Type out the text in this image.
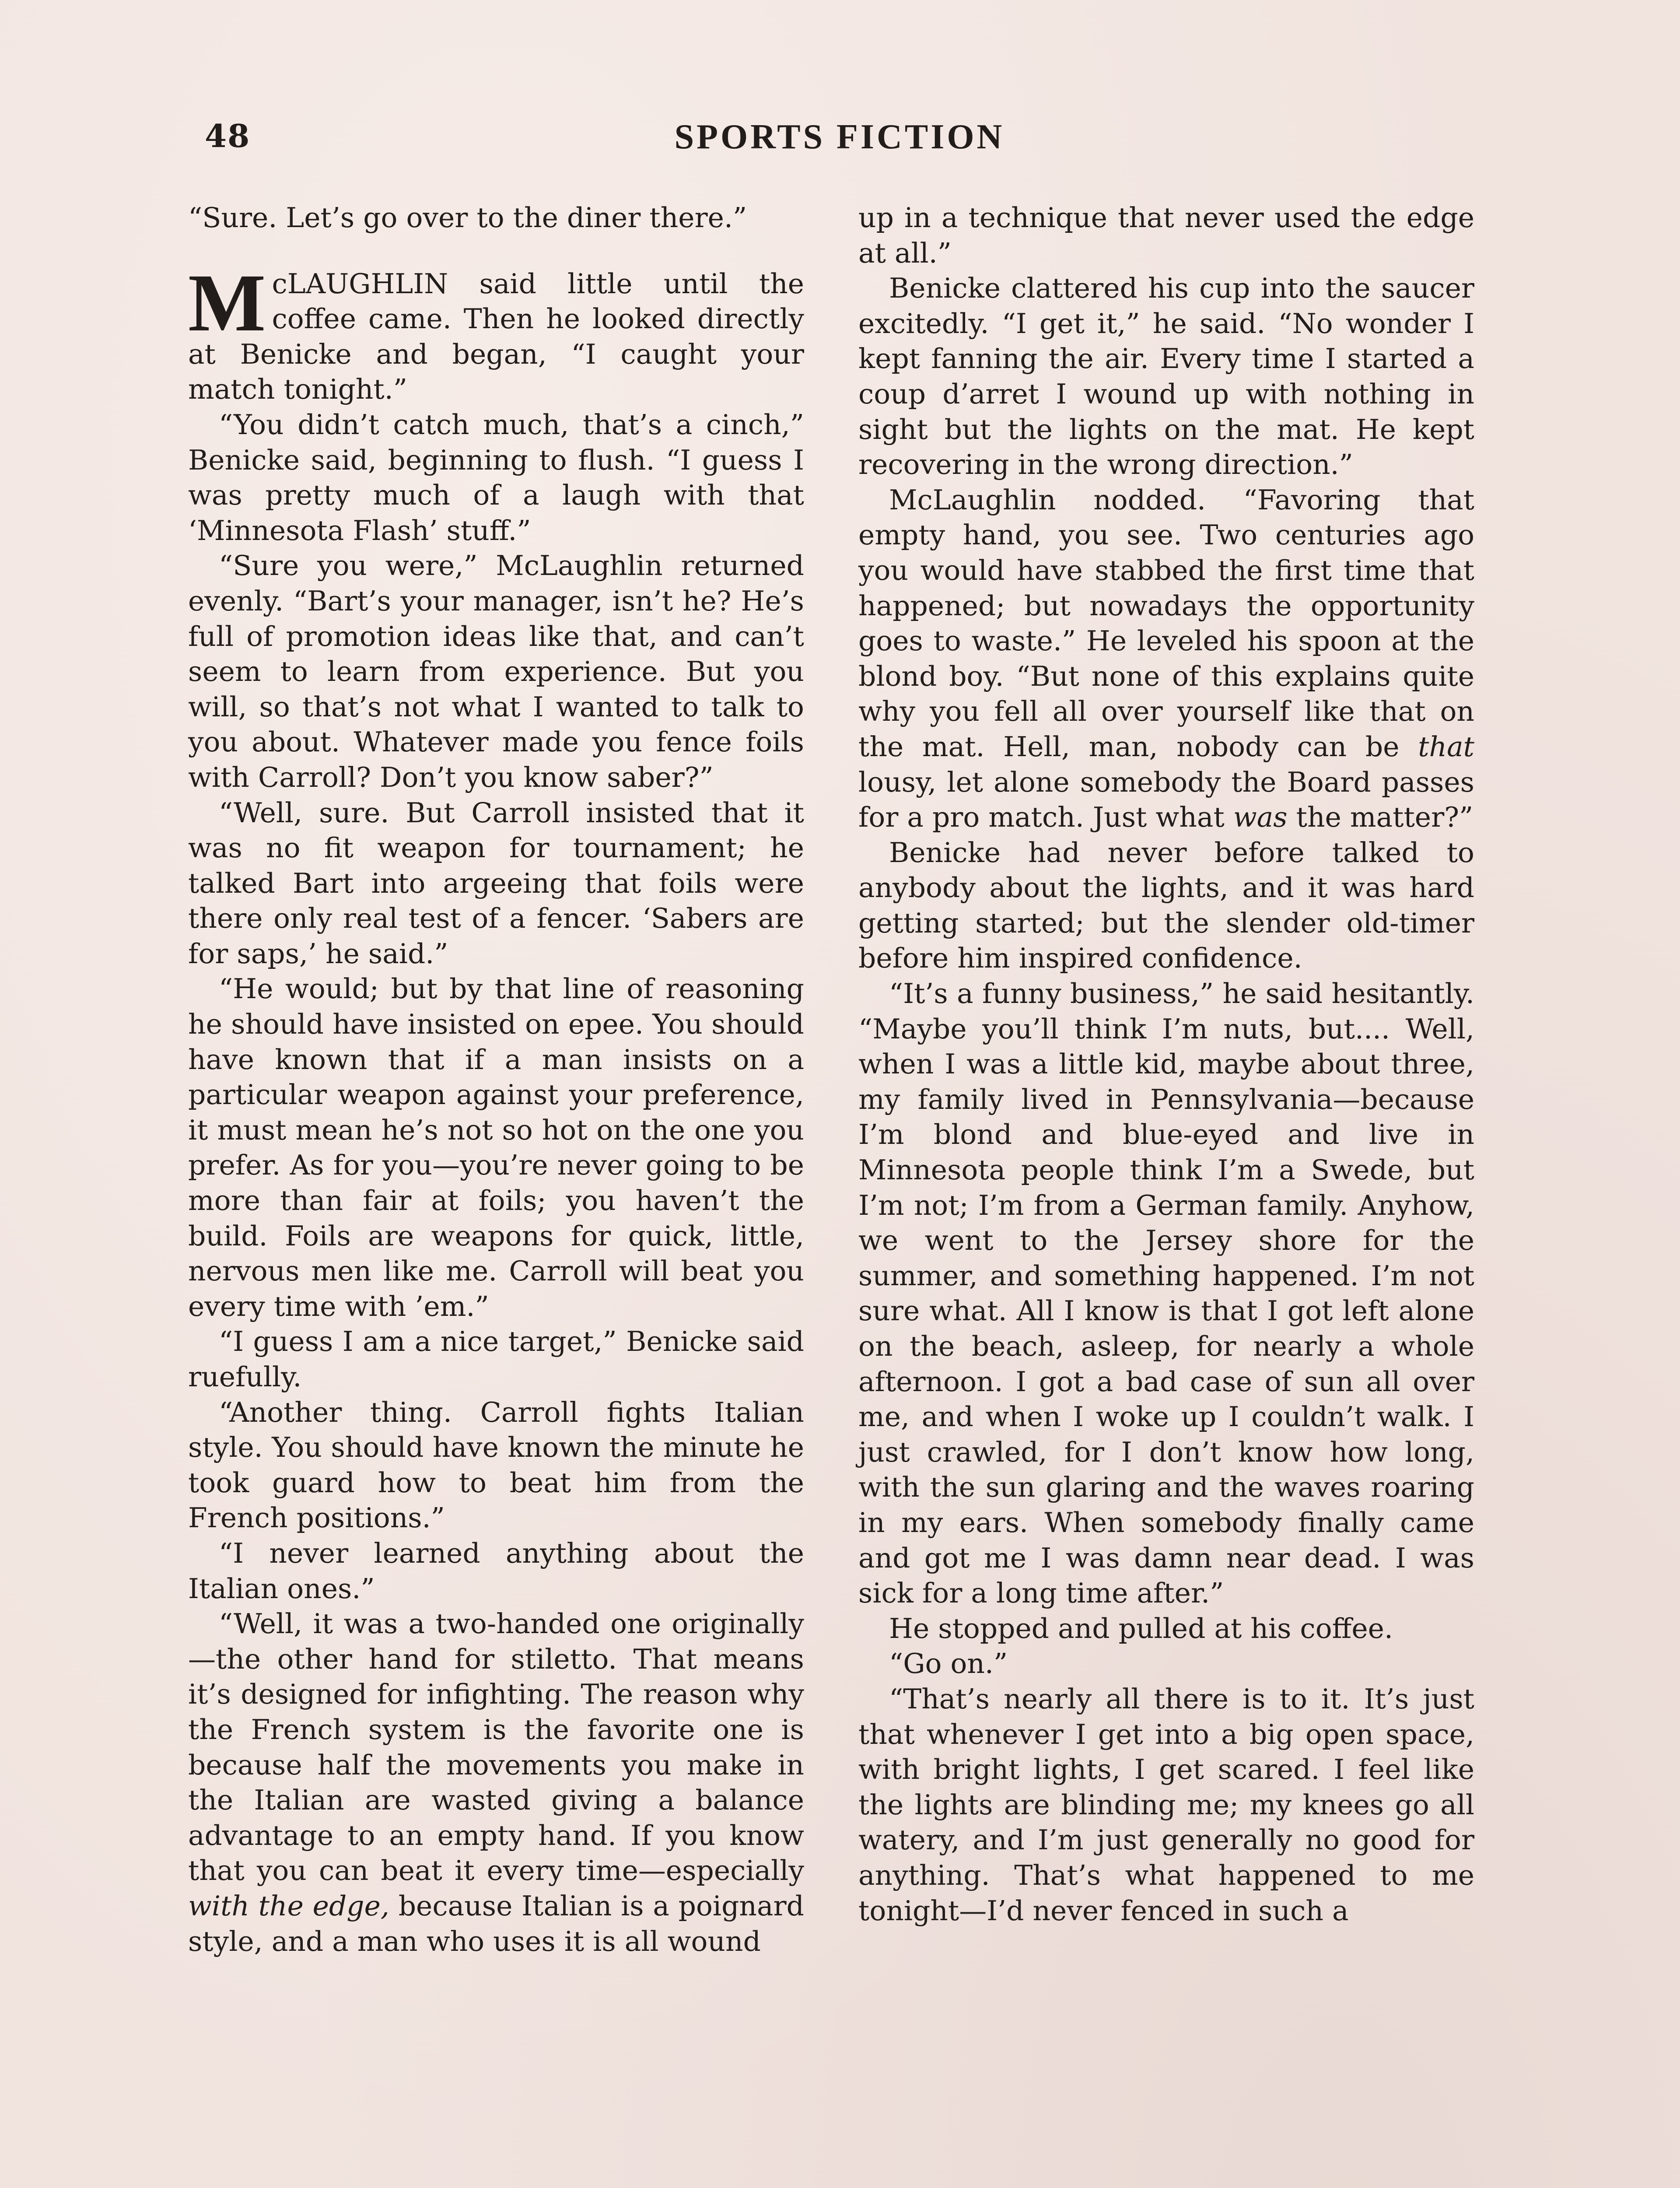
48	SPORTS FICTION

“Sure. Let’s go over to the diner there.”

McLAUGHLIN said little until the coffee came. Then he looked directly at Benicke and began, “I caught your match tonight.”

“You didn’t catch much, that’s a cinch,” Benicke said, beginning to flush. “I guess I was pretty much of a laugh with that ‘Minnesota Flash’ stuff.”

“Sure you were,” McLaughlin returned evenly. “Bart’s your manager, isn’t he? He’s full of promotion ideas like that, and can’t seem to learn from experience. But you will, so that’s not what I wanted to talk to you about. Whatever made you fence foils with Carroll? Don’t you know saber?”

“Well, sure. But Carroll insisted that it was no fit weapon for tournament; he talked Bart into argeeing that foils were there only real test of a fencer. ‘Sabers are for saps,’ he said.”

“He would; but by that line of reasoning he should have insisted on epee. You should have known that if a man insists on a particular weapon against your preference, it must mean he’s not so hot on the one you prefer. As for you—you’re never going to be more than fair at foils; you haven’t the build. Foils are weapons for quick, little, nervous men like me. Carroll will beat you every time with ’em.”

“I guess I am a nice target,” Benicke said ruefully.

“Another thing. Carroll fights Italian style. You should have known the minute he took guard how to beat him from the French positions.”

“I never learned anything about the Italian ones.”

“Well, it was a two-handed one originally—the other hand for stiletto. That means it’s designed for infighting. The reason why the French system is the favorite one is because half the movements you make in the Italian are wasted giving a balance advantage to an empty hand. If you know that you can beat it every time—especially with the edge, because Italian is a poignard style, and a man who uses it is all wound

up in a technique that never used the edge at all.”

Benicke clattered his cup into the saucer excitedly. “I get it,” he said. “No wonder I kept fanning the air. Every time I started a coup d’arret I wound up with nothing in sight but the lights on the mat. He kept recovering in the wrong direction.”

McLaughlin nodded. “Favoring that empty hand, you see. Two centuries ago you would have stabbed the first time that happened; but nowadays the opportunity goes to waste.” He leveled his spoon at the blond boy. “But none of this explains quite why you fell all over yourself like that on the mat. Hell, man, nobody can be that lousy, let alone somebody the Board passes for a pro match. Just what was the matter?”

Benicke had never before talked to anybody about the lights, and it was hard getting started; but the slender old-timer before him inspired confidence.

“It’s a funny business,” he said hesitantly. “Maybe you’ll think I’m nuts, but.... Well, when I was a little kid, maybe about three, my family lived in Pennsylvania—because I’m blond and blue-eyed and live in Minnesota people think I’m a Swede, but I’m not; I’m from a German family. Anyhow, we went to the Jersey shore for the summer, and something happened. I’m not sure what. All I know is that I got left alone on the beach, asleep, for nearly a whole afternoon. I got a bad case of sun all over me, and when I woke up I couldn’t walk. I just crawled, for I don’t know how long, with the sun glaring and the waves roaring in my ears. When somebody finally came and got me I was damn near dead. I was sick for a long time after.”

He stopped and pulled at his coffee.

“Go on.”

“That’s nearly all there is to it. It’s just that whenever I get into a big open space, with bright lights, I get scared. I feel like the lights are blinding me; my knees go all watery, and I’m just generally no good for anything. That’s what happened to me tonight—I’d never fenced in such a
